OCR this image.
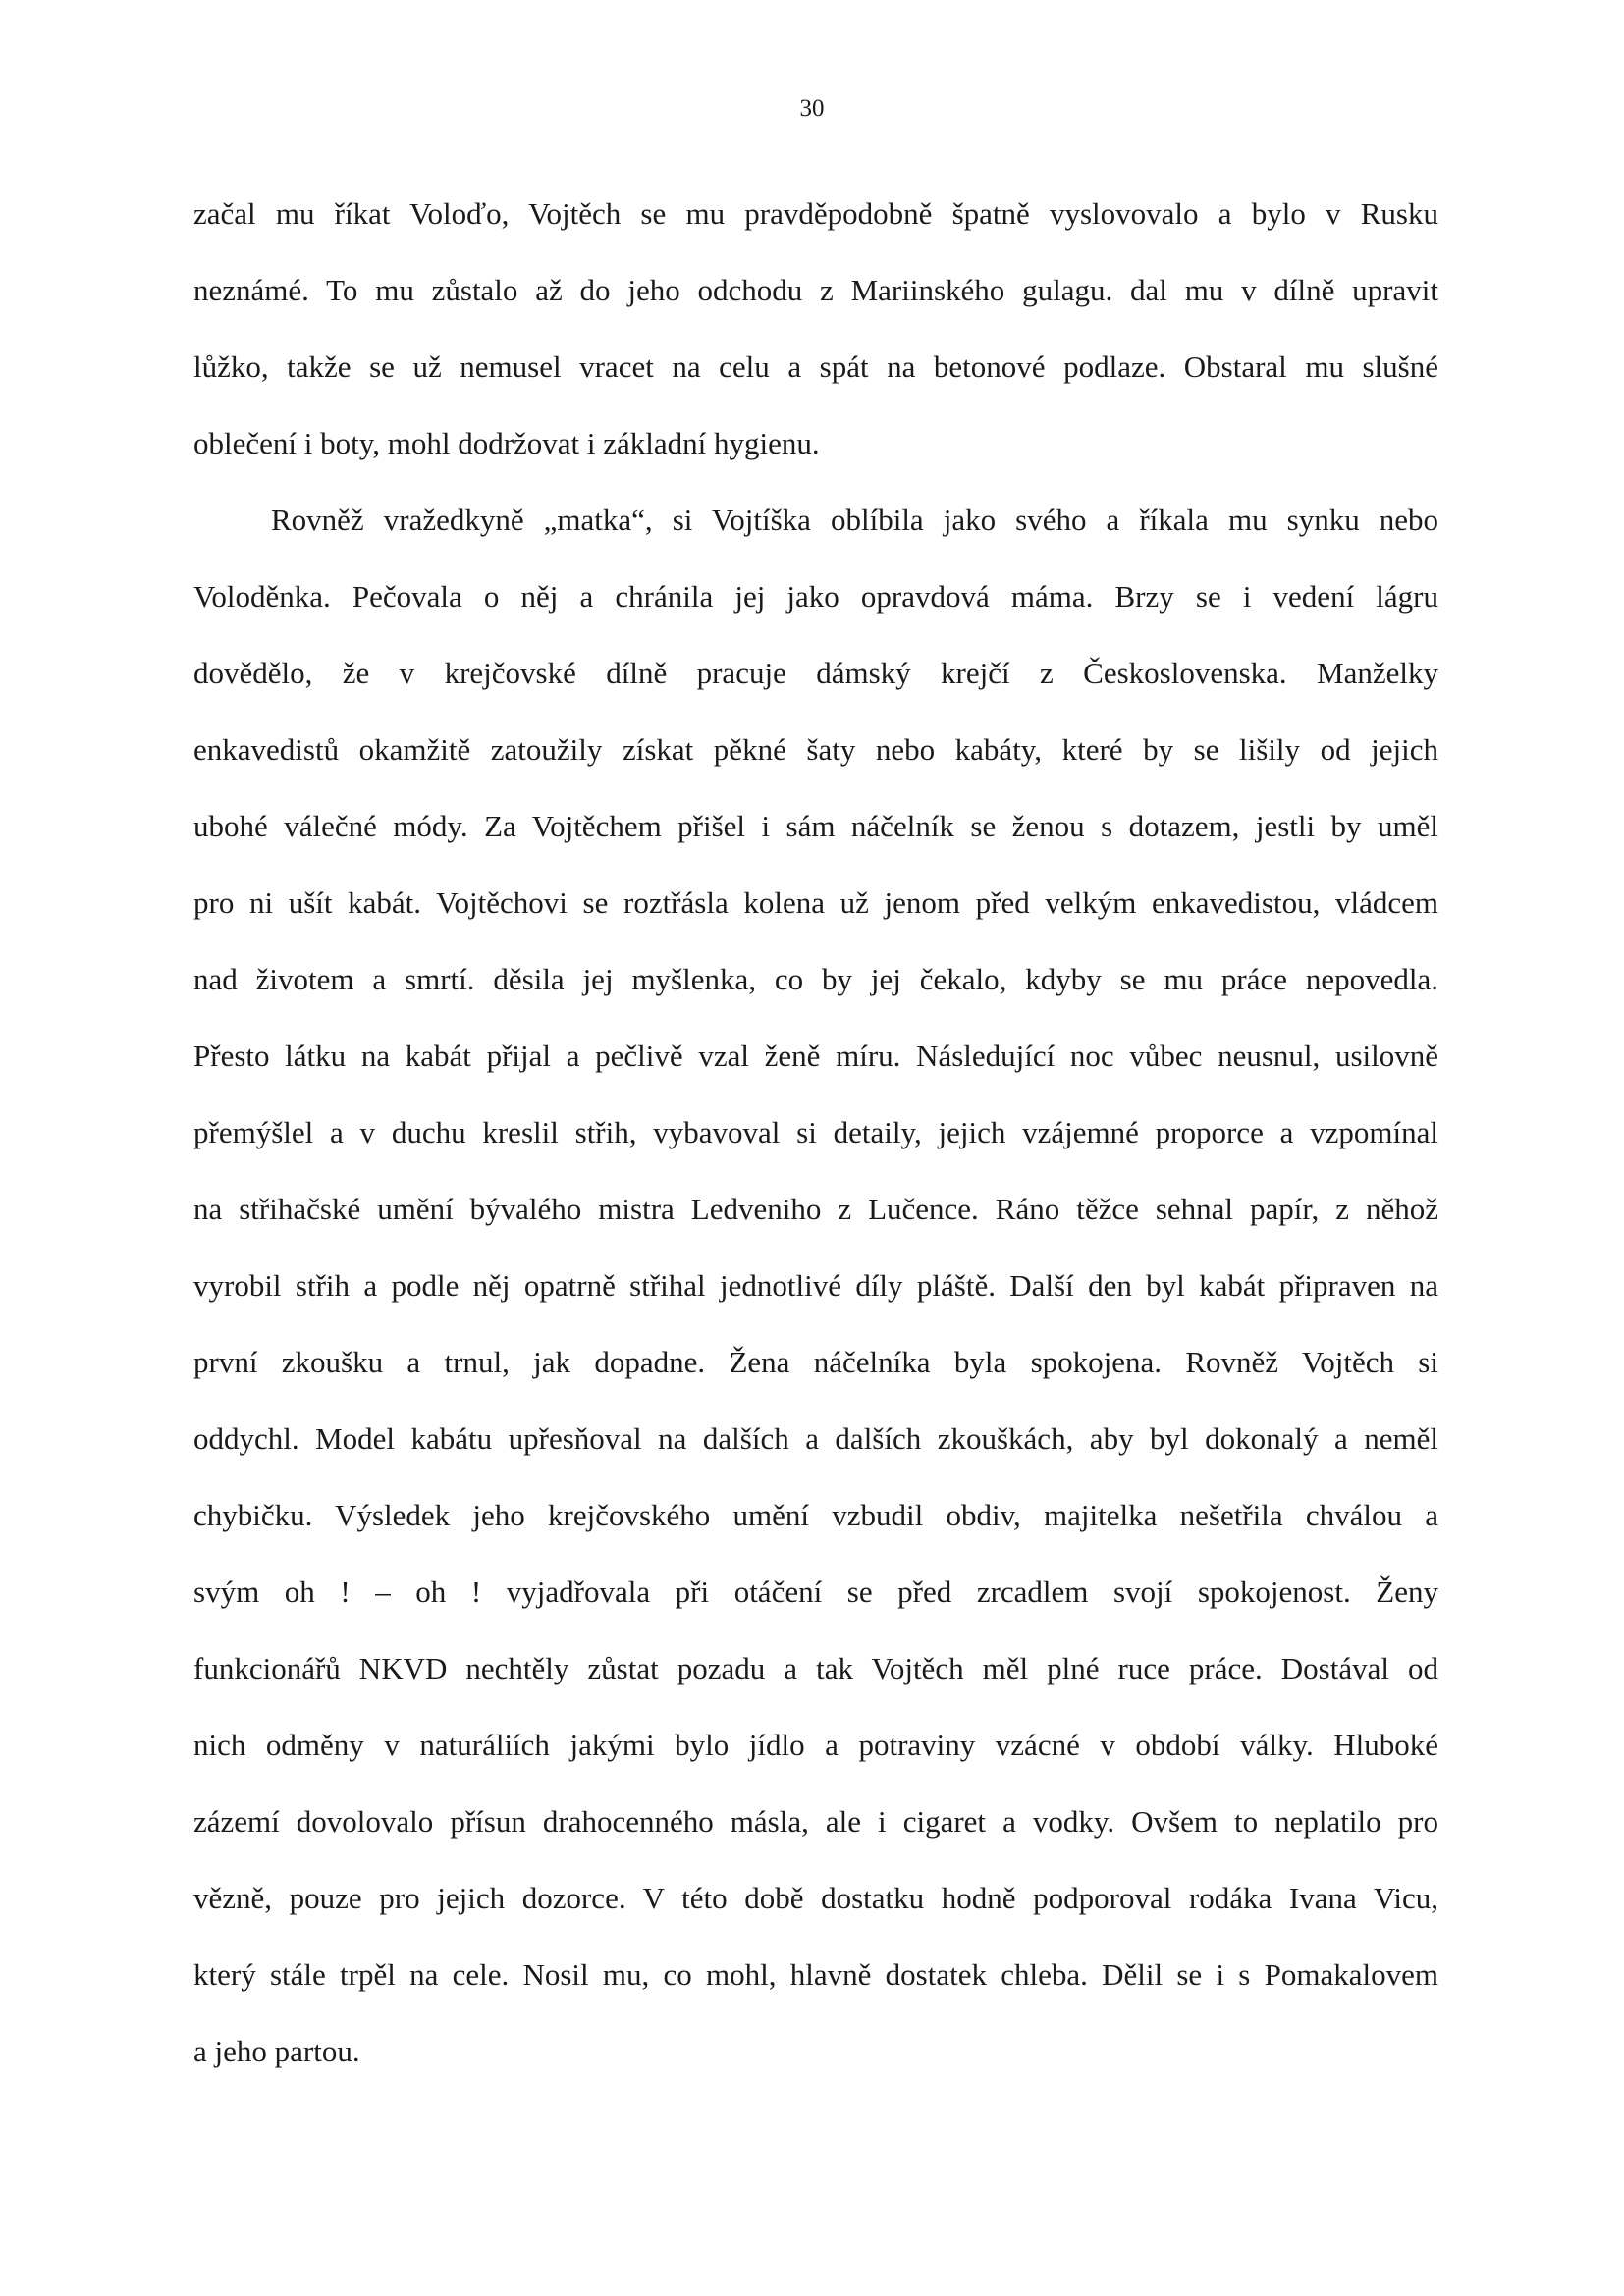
30
začal mu říkat Voloďo, Vojtěch se mu pravděpodobně špatně vyslovovalo a bylo v Rusku
neznámé. To mu zůstalo až do jeho odchodu z Mariinského gulagu. dal mu v dílně upravit
lůžko, takže se už nemusel vracet na celu a spát na betonové podlaze. Obstaral mu slušné
oblečení i boty, mohl dodržovat i základní hygienu.
Rovněž vražedkyně „matka“, si Vojtíška oblíbila jako svého a říkala mu synku nebo
Voloděnka. Pečovala o něj a chránila jej jako opravdová máma. Brzy se i vedení lágru
dovědělo, že v krejčovské dílně pracuje dámský krejčí z Československa. Manželky
enkavedistů okamžitě zatoužily získat pěkné šaty nebo kabáty, které by se lišily od jejich
ubohé válečné módy. Za Vojtěchem přišel i sám náčelník se ženou s dotazem, jestli by uměl
pro ni ušít kabát. Vojtěchovi se roztřásla kolena už jenom před velkým enkavedistou, vládcem
nad životem a smrtí. děsila jej myšlenka, co by jej čekalo, kdyby se mu práce nepovedla.
Přesto látku na kabát přijal a pečlivě vzal ženě míru. Následující noc vůbec neusnul, usilovně
přemýšlel a v duchu kreslil střih, vybavoval si detaily, jejich vzájemné proporce a vzpomínal
na střihačské umění bývalého mistra Ledveniho z Lučence. Ráno těžce sehnal papír, z něhož
vyrobil střih a podle něj opatrně střihal jednotlivé díly pláště. Další den byl kabát připraven na
první zkoušku a trnul, jak dopadne. Žena náčelníka byla spokojena. Rovněž Vojtěch si
oddychl. Model kabátu upřesňoval na dalších a dalších zkouškách, aby byl dokonalý a neměl
chybičku. Výsledek jeho krejčovského umění vzbudil obdiv, majitelka nešetřila chválou a
svým oh ! – oh ! vyjadřovala při otáčení se před zrcadlem svojí spokojenost. Ženy
funkcionářů NKVD nechtěly zůstat pozadu a tak Vojtěch měl plné ruce práce. Dostával od
nich odměny v naturáliích jakými bylo jídlo a potraviny vzácné v období války. Hluboké
zázemí dovolovalo přísun drahocenného másla, ale i cigaret a vodky. Ovšem to neplatilo pro
vězně, pouze pro jejich dozorce. V této době dostatku hodně podporoval rodáka Ivana Vicu,
který stále trpěl na cele. Nosil mu, co mohl, hlavně dostatek chleba. Dělil se i s Pomakalovem
a jeho partou.
